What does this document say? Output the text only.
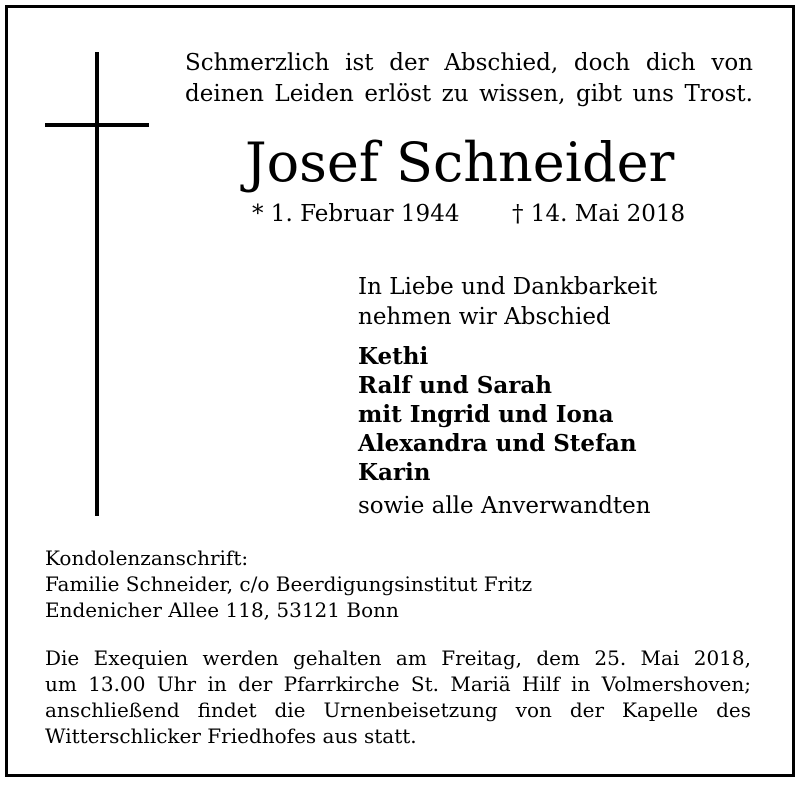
Schmerzlich ist der Abschied, doch dich von
deinen Leiden erlöst zu wissen, gibt uns Trost.
Josef Schneider
* 1. Februar 1944 † 14. Mai 2018
In Liebe und Dankbarkeit
nehmen wir Abschied
Kethi
Ralf und Sarah
mit Ingrid und Iona
Alexandra und Stefan
Karin
sowie alle Anverwandten
Kondolenzanschrift:
Familie Schneider, c/o Beerdigungsinstitut Fritz
Endenicher Allee 118, 53121 Bonn
Die Exequien werden gehalten am Freitag, dem 25. Mai 2018,
um 13.00 Uhr in der Pfarrkirche St. Mariä Hilf in Volmershoven;
anschließend findet die Urnenbeisetzung von der Kapelle des
Witterschlicker Friedhofes aus statt.
